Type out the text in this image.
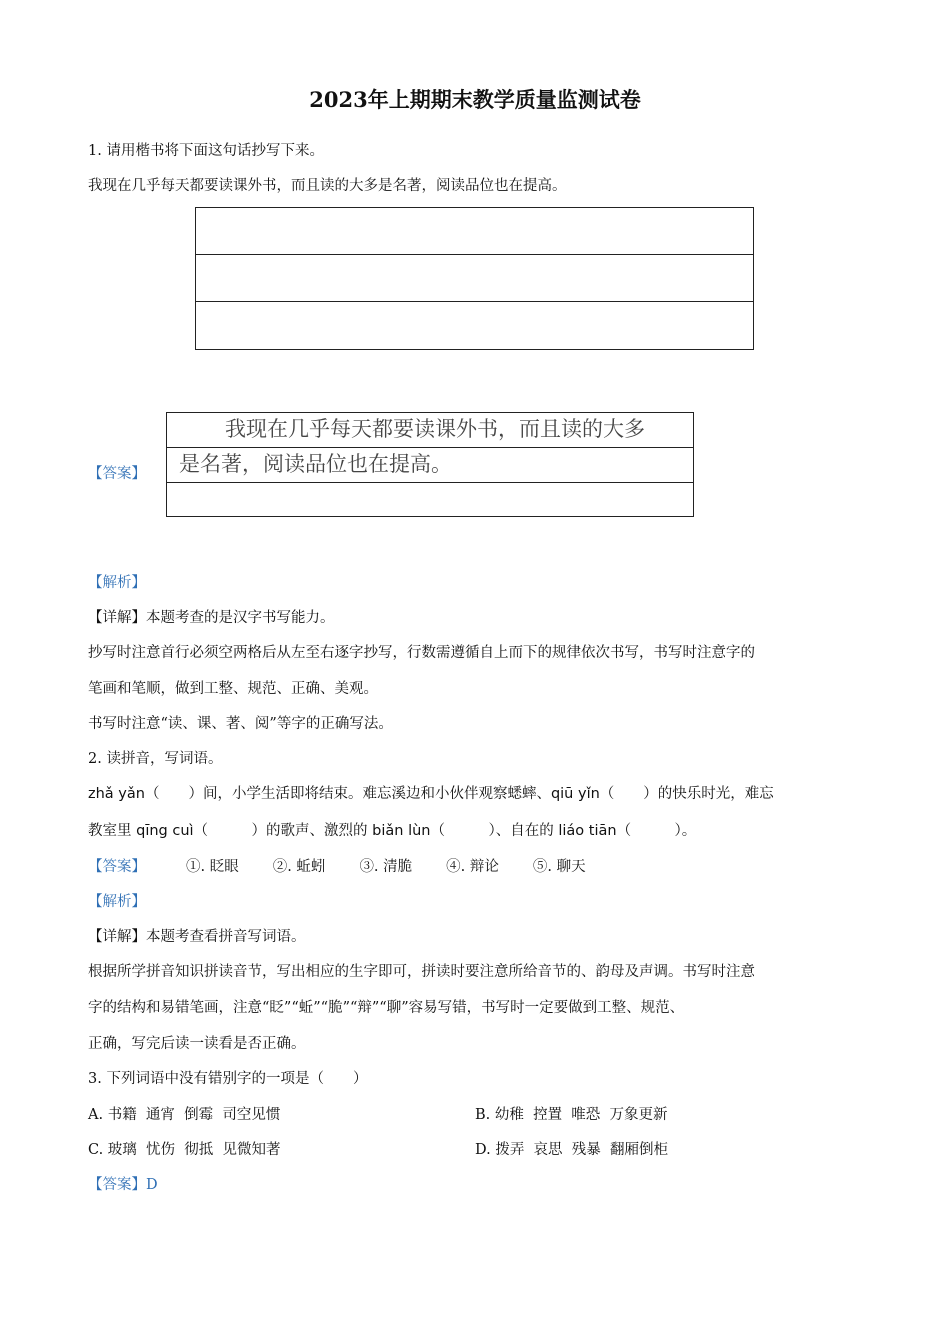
2023年上期期末教学质量监测试卷
1. 请用楷书将下面这句话抄写下来。
我现在几乎每天都要读课外书，而且读的大多是名著，阅读品位也在提高。
【答案】
我现在几乎每天都要读课外书，而且读的大多
是名著，阅读品位也在提高。
【解析】
【详解】本题考查的是汉字书写能力。
抄写时注意首行必须空两格后从左至右逐字抄写，行数需遵循自上而下的规律依次书写，书写时注意字的
笔画和笔顺，做到工整、规范、正确、美观。
书写时注意“读、课、著、阅”等字的正确写法。
2. 读拼音，写词语。
zhǎ yǎn（　　）间，小学生活即将结束。难忘溪边和小伙伴观察蟋蟀、qiū yǐn（　　）的快乐时光，难忘
教室里 qīng cuì（　　　）的歌声、激烈的 biǎn lùn（　　　）、自在的 liáo tiān（　　　）。
【答案】	①. 眨眼 ②. 蚯蚓 ③. 清脆 ④. 辩论 ⑤. 聊天
【解析】
【详解】本题考查看拼音写词语。
根据所学拼音知识拼读音节，写出相应的生字即可，拼读时要注意所给音节的、韵母及声调。书写时注意
字的结构和易错笔画，注意“眨”“蚯”“脆”“辩”“聊”容易写错，书写时一定要做到工整、规范、
正确，写完后读一读看是否正确。
3. 下列词语中没有错别字的一项是（　　）
A. 书籍  通宵  倒霉  司空见惯	B. 幼稚  控置  唯恐  万象更新
C. 玻璃  忧伤  彻抵  见微知著	D. 拨弄  哀思  残暴  翻厢倒柜
【答案】D
